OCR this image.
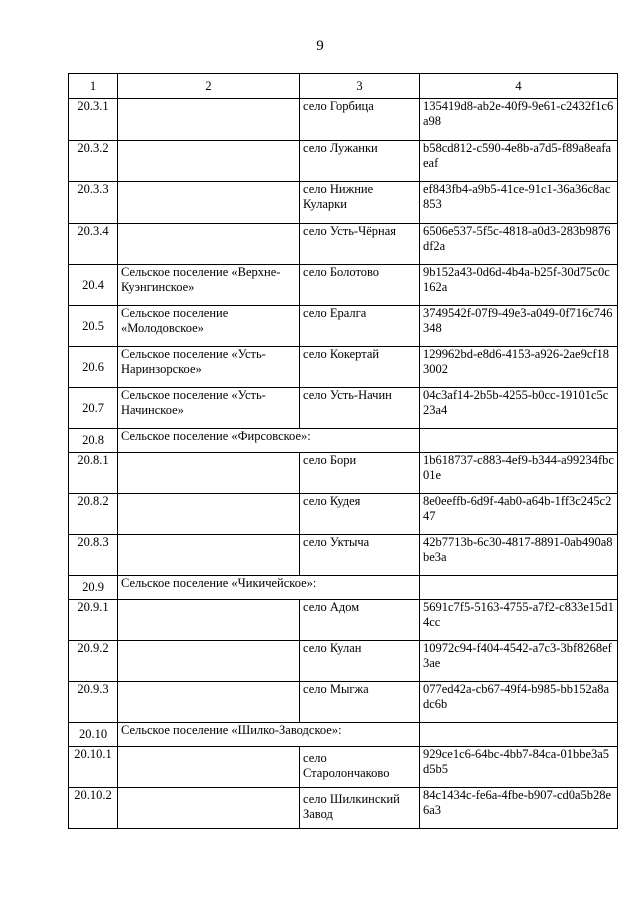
9
1	2	3	4
20.3.1		село Горбица	135419d8-ab2e-40f9-9e61-c2432f1c6a98
20.3.2		село Лужанки	b58cd812-c590-4e8b-a7d5-f89a8eafaeaf
20.3.3		село Нижние Куларки	ef843fb4-a9b5-41ce-91c1-36a36c8ac853
20.3.4		село Усть-Чёрная	6506e537-5f5c-4818-a0d3-283b9876df2a
20.4	Сельское поселение «Верхне-Куэнгинское»	село Болотово	9b152a43-0d6d-4b4a-b25f-30d75c0c162a
20.5	Сельское поселение «Молодовское»	село Ералга	3749542f-07f9-49e3-a049-0f716c746348
20.6	Сельское поселение «Усть-Наринзорское»	село Кокертай	129962bd-e8d6-4153-a926-2ae9cf183002
20.7	Сельское поселение «Усть-Начинское»	село Усть-Начин	04c3af14-2b5b-4255-b0cc-19101c5c23a4
20.8	Сельское поселение «Фирсовское»:		
20.8.1		село Бори	1b618737-c883-4ef9-b344-a99234fbc01e
20.8.2		село Кудея	8e0eeffb-6d9f-4ab0-a64b-1ff3c245c247
20.8.3		село Уктыча	42b7713b-6c30-4817-8891-0ab490a8be3a
20.9	Сельское поселение «Чикичейское»:		
20.9.1		село Адом	5691c7f5-5163-4755-a7f2-c833e15d14cc
20.9.2		село Кулан	10972c94-f404-4542-a7c3-3bf8268ef3ae
20.9.3		село Мыгжа	077ed42a-cb67-49f4-b985-bb152a8adc6b
20.10	Сельское поселение «Шилко-Заводское»:		
20.10.1		село Старолончаково	929ce1c6-64bc-4bb7-84ca-01bbe3a5d5b5
20.10.2		село Шилкинский Завод	84c1434c-fe6a-4fbe-b907-cd0a5b28e6a3
